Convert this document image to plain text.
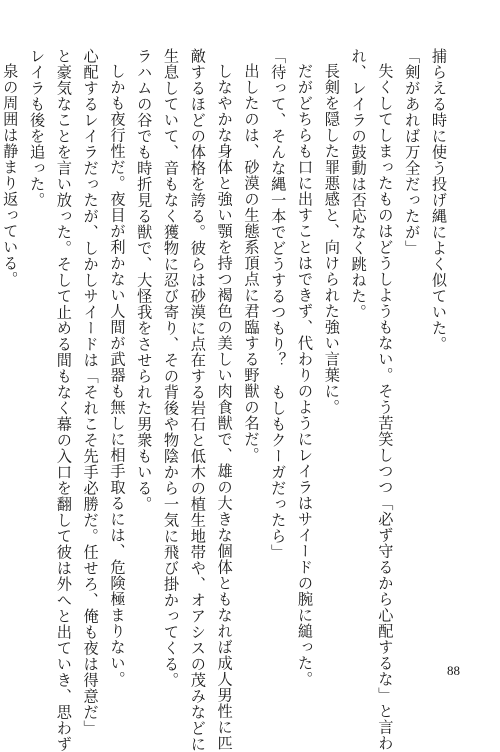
捕らえる時に使う投げ縄によく似ていた。
「剣があれば万全だったが」
失くしてしまったものはどうしようもない。そう苦笑しつつ「必ず守るから心配するな」と言わ
れ、レイラの鼓動は否応なく跳ねた。
長剣を隠した罪悪感と、向けられた強い言葉に。
だがどちらも口に出すことはできず、代わりのようにレイラはサイードの腕に縋った。
「待って、そんな縄一本でどうするつもり？　もしもクーガだったら」
出したのは、砂漠の生態系頂点に君臨する野獣の名だ。
しなやかな身体と強い顎を持つ褐色の美しい肉食獣で、雄の大きな個体ともなれば成人男性に匹
敵するほどの体格を誇る。彼らは砂漠に点在する岩石と低木の植生地帯や、オアシスの茂みなどに
生息していて、音もなく獲物に忍び寄り、その背後や物陰から一気に飛び掛かってくる。
ラハムの谷でも時折見る獣で、大怪我をさせられた男衆もいる。
しかも夜行性だ。夜目が利かない人間が武器も無しに相手取るには、危険極まりない。
心配するレイラだったが、しかしサイードは「それこそ先手必勝だ。任せろ、俺も夜は得意だ」
と豪気なことを言い放った。そして止める間もなく幕の入口を翻して彼は外へと出ていき、思わず
レイラも後を追った。
泉の周囲は静まり返っている。
88
